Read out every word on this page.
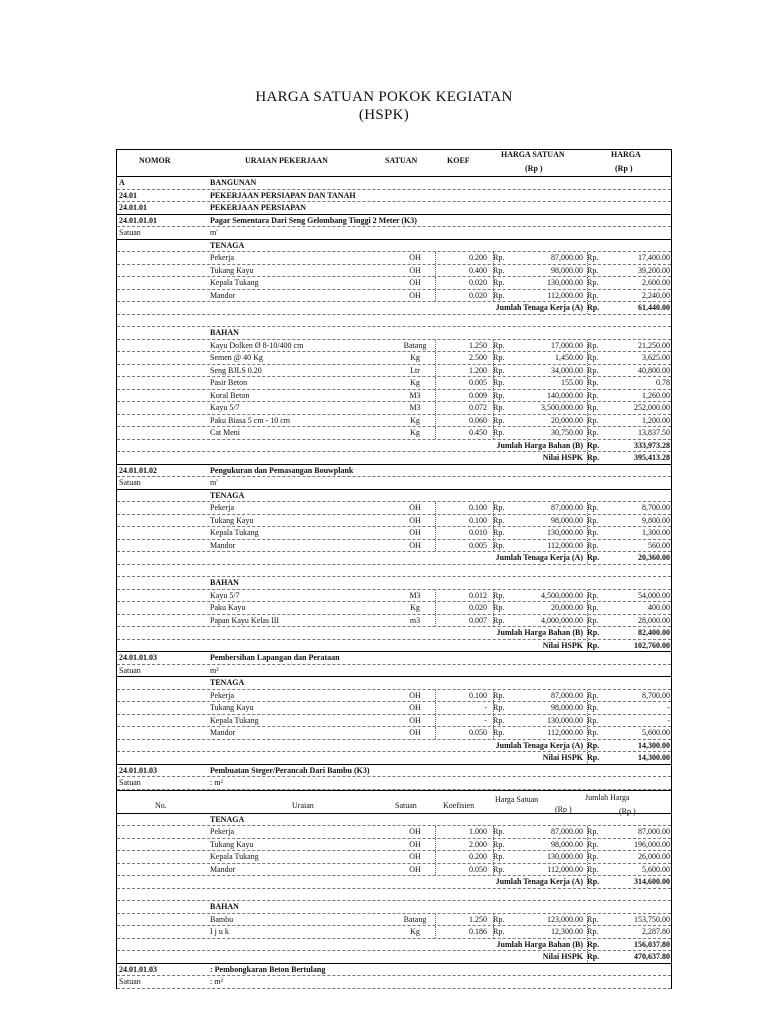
HARGA SATUAN POKOK KEGIATAN
(HSPK)
NOMOR	URAIAN PEKERJAAN	SATUAN	KOEF
HARGA SATUAN
(Rp )
HARGA
(Rp )
A	BANGUNAN
24.01	PEKERJAAN PERSIAPAN DAN TANAH
24.01.01	PEKERJAAN PERSIAPAN
24.01.01.01	Pagar Sementara Dari Seng Gelombang Tinggi 2 Meter (K3)
Satuan	m'
TENAGA
Pekerja	OH	0.200 Rp.	87,000.00 Rp.	17,400.00
Tukang Kayu	OH	0.400 Rp.	98,000.00 Rp.	39,200.00
Kepala Tukang	OH	0.020 Rp.	130,000.00 Rp.	2,600.00
Mandor	OH	0.020 Rp.	112,000.00 Rp.	2,240.00
Jumlah Tenaga Kerja (A) Rp.	61,440.00
BAHAN
Kayu Dolken Ø 8-10/400 cm	Batang	1.250 Rp.	17,000.00 Rp.	21,250.00
Semen @ 40 Kg	Kg	2.500 Rp.	1,450.00 Rp.	3,625.00
Seng BJLS 0.20	Ltr	1.200 Rp.	34,000.00 Rp.	40,800.00
Pasir Beton	Kg	0.005 Rp.	155.00 Rp.	0.78
Koral Beton	M3	0.009 Rp.	140,000.00 Rp.	1,260.00
Kayu 5/7	M3	0.072 Rp.	3,500,000.00 Rp.	252,000.00
Paku Biasa 5 cm - 10 cm	Kg	0.060 Rp.	20,000.00 Rp.	1,200.00
Cat Meni	Kg	0.450 Rp.	30,750.00 Rp.	13,837.50
Jumlah Harga Bahan (B) Rp.	333,973.28
Nilai HSPK Rp.	395,413.28
24.01.01.02	Pengukuran dan Pemasangan Bouwplank
Satuan	m'
TENAGA
Pekerja	OH	0.100 Rp.	87,000.00 Rp.	8,700.00
Tukang Kayu	OH	0.100 Rp.	98,000.00 Rp.	9,800.00
Kepala Tukang	OH	0.010 Rp.	130,000.00 Rp.	1,300.00
Mandor	OH	0.005 Rp.	112,000.00 Rp.	560.00
Jumlah Tenaga Kerja (A) Rp.	20,360.00
BAHAN
Kayu 5/7	M3	0.012 Rp.	4,500,000.00 Rp.	54,000.00
Paku Kayu	Kg	0.020 Rp.	20,000.00 Rp.	400.00
Papan Kayu Kelas III	m3	0.007 Rp.	4,000,000.00 Rp.	28,000.00
Jumlah Harga Bahan (B) Rp.	82,400.00
Nilai HSPK Rp.	102,760.00
24.01.01.03	Pembersihan Lapangan dan Perataan
Satuan	m²
TENAGA
Pekerja	OH	0.100 Rp.	87,000.00 Rp.	8,700.00
Tukang Kayu	OH	- Rp.	98,000.00 Rp.	-
Kepala Tukang	OH	- Rp.	130,000.00 Rp.	-
Mandor	OH	0.050 Rp.	112,000.00 Rp.	5,600.00
Jumlah Tenaga Kerja (A) Rp.	14,300.00
Nilai HSPK Rp.	14,300.00
24.01.01.03	Pembuatan Steger/Perancah Dari Bambu (K3)
Satuan	: m²
No.	Uraian	Satuan	Koefisien
Harga Satuan
(Rp )
Jumlah Harga
(Rp )
TENAGA
Pekerja	OH	1.000 Rp.	87,000.00 Rp.	87,000.00
Tukang Kayu	OH	2.000 Rp.	98,000.00 Rp.	196,000.00
Kepala Tukang	OH	0.200 Rp.	130,000.00 Rp.	26,000.00
Mandor	OH	0.050 Rp.	112,000.00 Rp.	5,600.00
Jumlah Tenaga Kerja (A) Rp.	314,600.00
BAHAN
Bambu	Batang	1.250 Rp.	123,000.00 Rp.	153,750.00
I j u k	Kg	0.186 Rp.	12,300.00 Rp.	2,287.80
Jumlah Harga Bahan (B) Rp.	156,037.80
Nilai HSPK Rp.	470,637.80
24.01.01.03	: Pembongkaran Beton Bertulang
Satuan	: m²
